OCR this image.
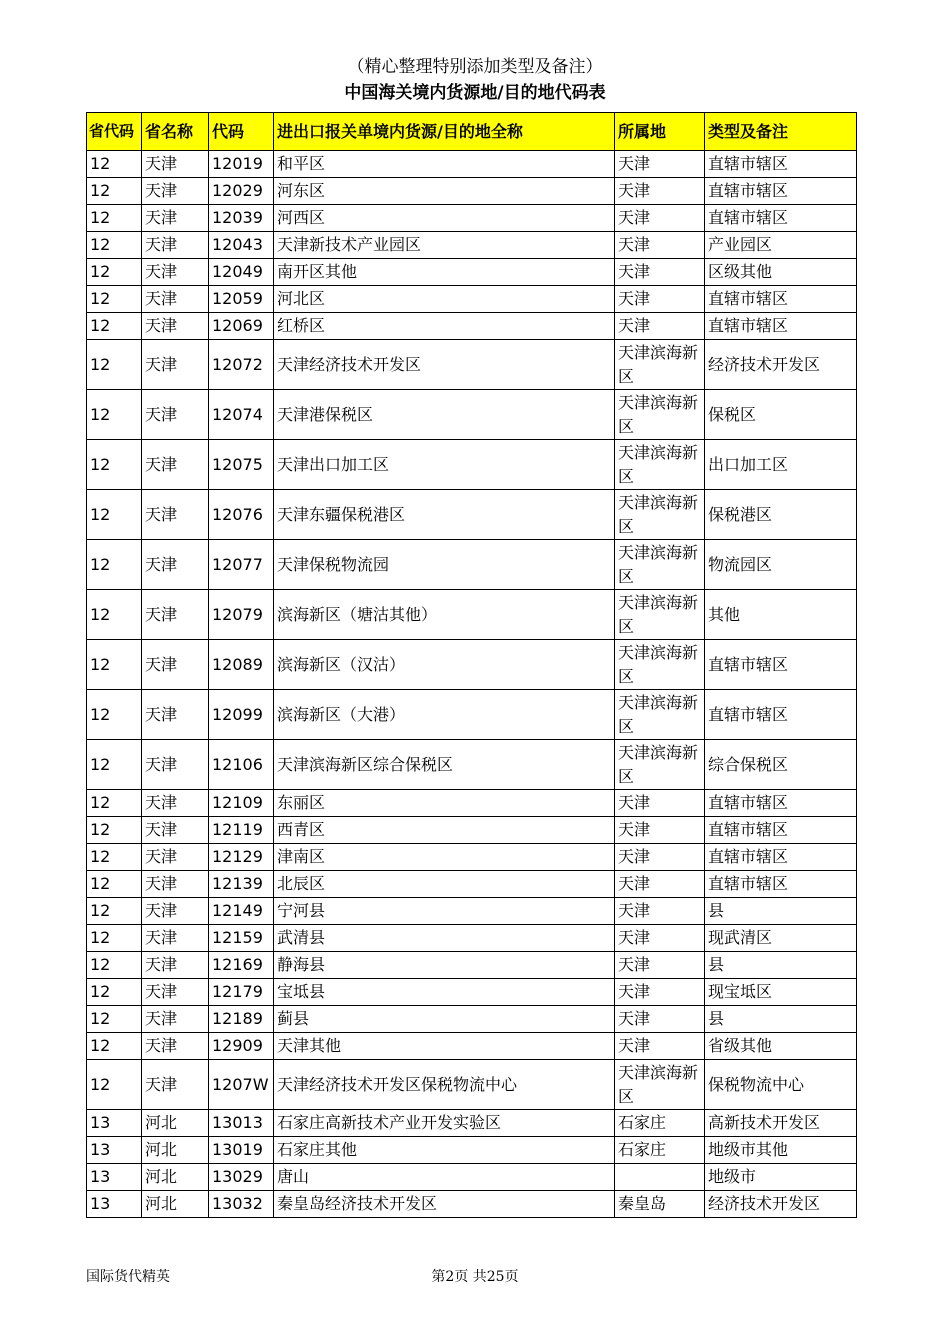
（精心整理特别添加类型及备注）
中国海关境内货源地/目的地代码表
省代码	省名称	代码	进出口报关单境内货源/目的地全称	所属地	类型及备注
12	天津	12019	和平区	天津	直辖市辖区
12	天津	12029	河东区	天津	直辖市辖区
12	天津	12039	河西区	天津	直辖市辖区
12	天津	12043	天津新技术产业园区	天津	产业园区
12	天津	12049	南开区其他	天津	区级其他
12	天津	12059	河北区	天津	直辖市辖区
12	天津	12069	红桥区	天津	直辖市辖区
12	天津	12072	天津经济技术开发区	天津滨海新区	经济技术开发区
12	天津	12074	天津港保税区	天津滨海新区	保税区
12	天津	12075	天津出口加工区	天津滨海新区	出口加工区
12	天津	12076	天津东疆保税港区	天津滨海新区	保税港区
12	天津	12077	天津保税物流园	天津滨海新区	物流园区
12	天津	12079	滨海新区（塘沽其他）	天津滨海新区	其他
12	天津	12089	滨海新区（汉沽）	天津滨海新区	直辖市辖区
12	天津	12099	滨海新区（大港）	天津滨海新区	直辖市辖区
12	天津	12106	天津滨海新区综合保税区	天津滨海新区	综合保税区
12	天津	12109	东丽区	天津	直辖市辖区
12	天津	12119	西青区	天津	直辖市辖区
12	天津	12129	津南区	天津	直辖市辖区
12	天津	12139	北辰区	天津	直辖市辖区
12	天津	12149	宁河县	天津	县
12	天津	12159	武清县	天津	现武清区
12	天津	12169	静海县	天津	县
12	天津	12179	宝坻县	天津	现宝坻区
12	天津	12189	蓟县	天津	县
12	天津	12909	天津其他	天津	省级其他
12	天津	1207W	天津经济技术开发区保税物流中心	天津滨海新区	保税物流中心
13	河北	13013	石家庄高新技术产业开发实验区	石家庄	高新技术开发区
13	河北	13019	石家庄其他	石家庄	地级市其他
13	河北	13029	唐山		地级市
13	河北	13032	秦皇岛经济技术开发区	秦皇岛	经济技术开发区
国际货代精英	第2页 共25页
